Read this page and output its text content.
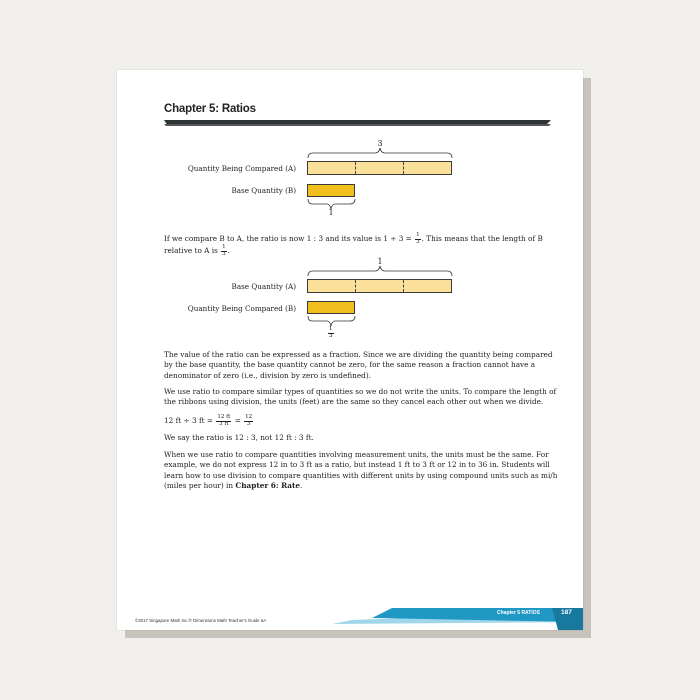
Chapter 5: Ratios
3
Quantity Being Compared (A)
Base Quantity (B)
1
If we compare B to A, the ratio is now 1 : 3 and its value is $1 \div 3 = \frac{1}{3}$ . This means that the length of B relative to A is $\frac{1}{3}$ .
1
Base Quantity (A)
Quantity Being Compared (B)
$\frac{1}{3}$
The value of the ratio can be expressed as a fraction. Since we are dividing the quantity being compared by the base quantity, the base quantity cannot be zero, for the same reason a fraction cannot have a denominator of zero (i.e., division by zero is undefined).
We use ratio to compare similar types of quantities so we do not write the units. To compare the length of the ribbons using division, the units (feet) are the same so they cancel each other out when we divide.
12 ft ÷ 3 ft = $\frac{12 ft}{3 ft} = \frac{12}{3}$
We say the ratio is 12 : 3, not 12 ft : 3 ft.
When we use ratio to compare quantities involving measurement units, the units must be the same. For example, we do not express 12 in to 3 ft as a ratio, but instead 1 ft to 3 ft or 12 in to 36 in. Students will learn how to use division to compare quantities with different units by using compound units such as mi/h (miles per hour) in Chapter 6: Rate.
©2017 Singapore Math Inc.® Dimensions Math Teacher's Guide 6A
Chapter 5 RATIOS	187
